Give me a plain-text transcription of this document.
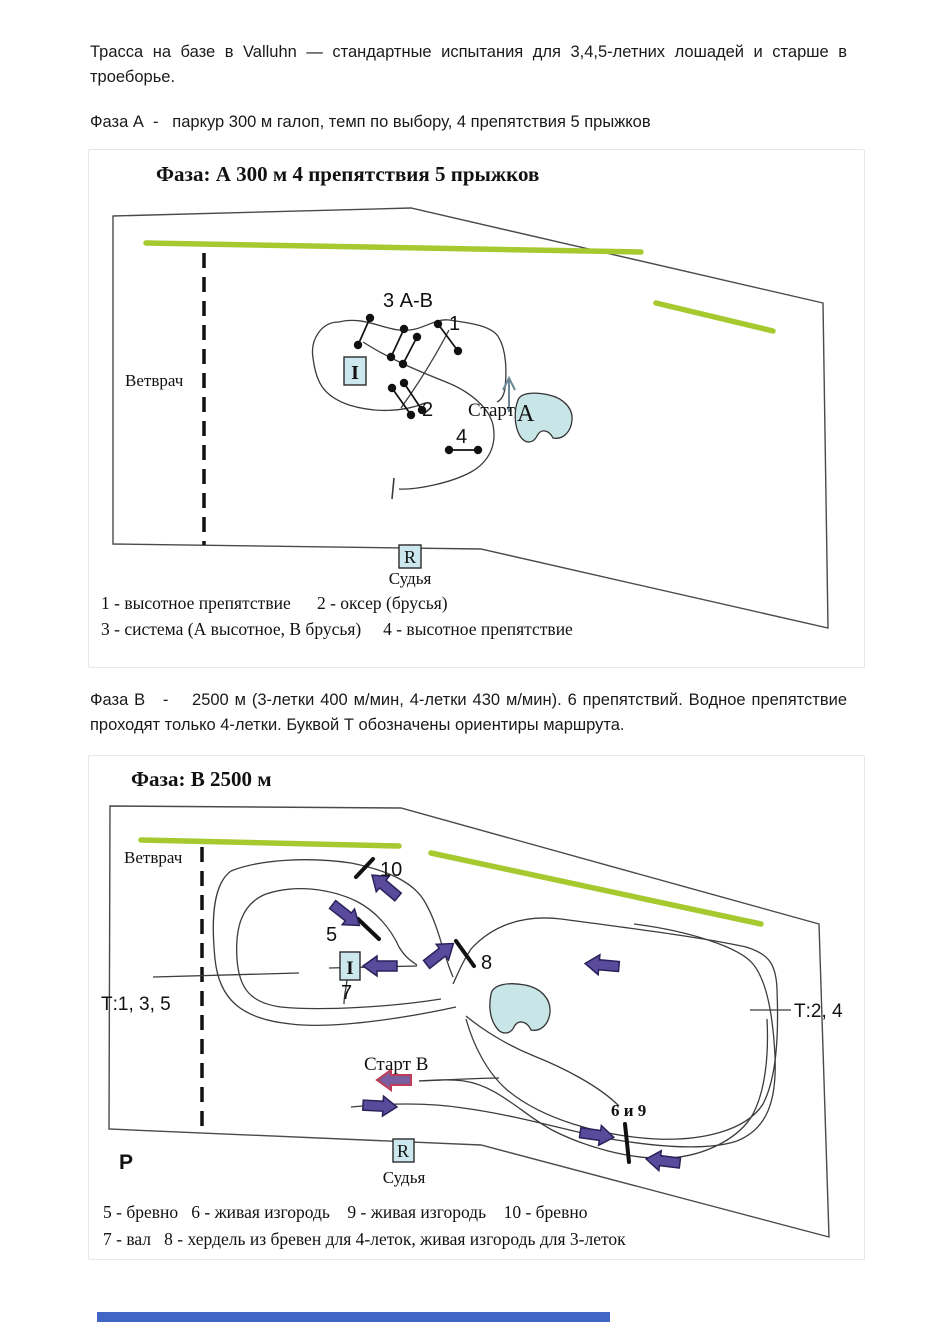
Трасса на базе в Valluhn — стандартные испытания для 3,4,5-летних лошадей и старше в троеборье.
Фаза А  -   паркур 300 м галоп, темп по выбору, 4 препятствия 5 прыжков
Фаза: А 300 м 4 препятствия 5 прыжков
I
R
Судья
Ветврач
3 А-В
1
2
4
Старт А
1 - высотное препятствие      2 - оксер (брусья)
3 - система (А высотное, В брусья)     4 - высотное препятствие
Фаза В   -    2500 м (3-летки 400 м/мин, 4-летки 430 м/мин). 6 препятствий. Водное препятствие проходят только 4-летки. Буквой Т обозначены ориентиры маршрута.
Фаза: В 2500 м
I
R
Судья
Ветврач
10
5
7
8
6 и 9
Т:1, 3, 5	Т:2, 4
Старт В
Р
5 - бревно   6 - живая изгородь    9 - живая изгородь    10 - бревно
7 - вал   8 - хердель из бревен для 4-леток, живая изгородь для 3-леток
